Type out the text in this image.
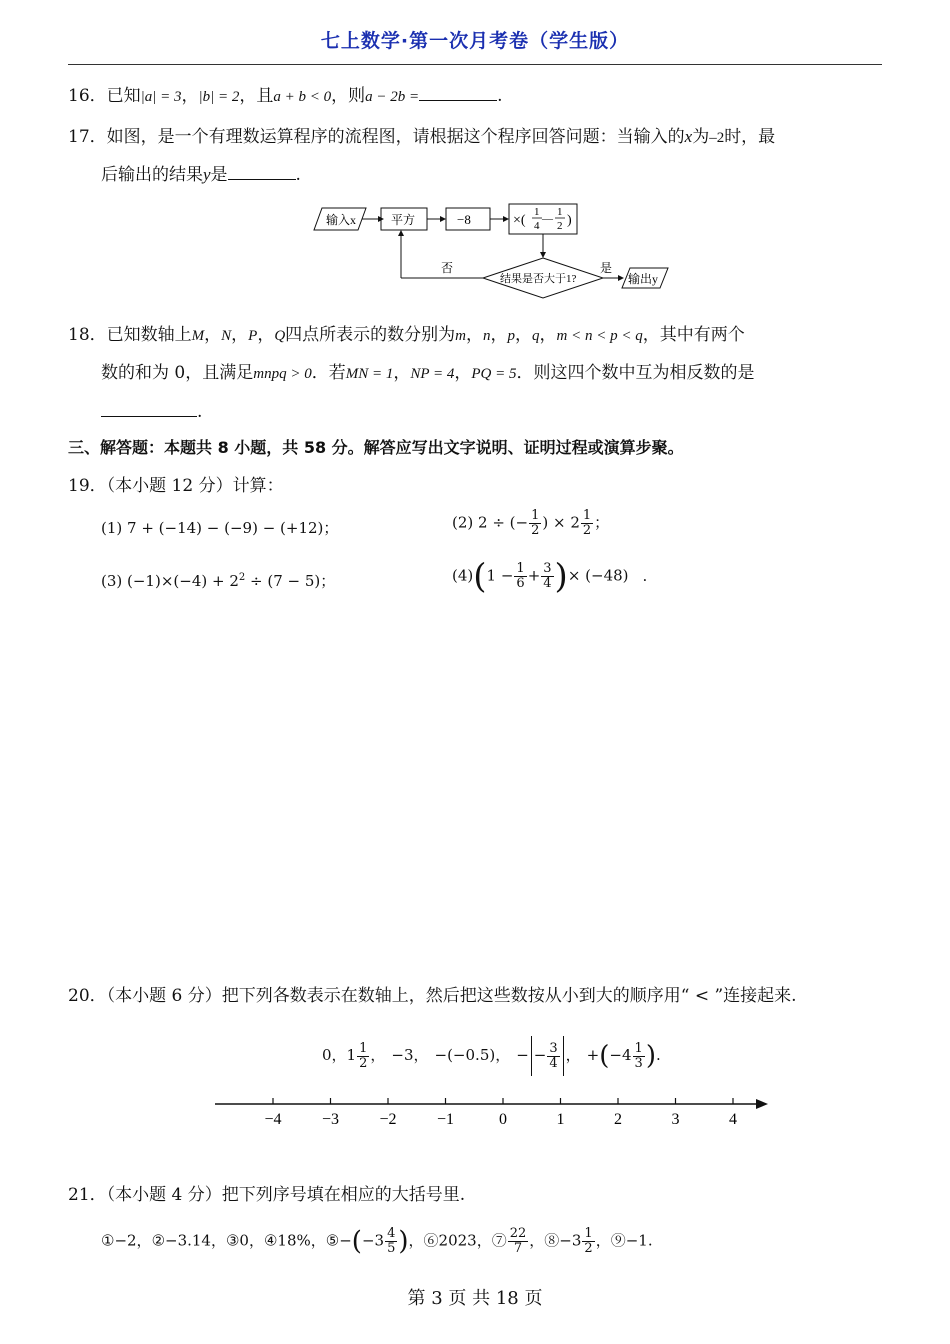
七上数学·第一次月考卷（学生版）
16．已知|a| = 3，|b| = 2，且a + b < 0，则a − 2b =	.
17．如图，是一个有理数运算程序的流程图，请根据这个程序回答问题：当输入的x为–2时，最
后输出的结果y是	.
输入x	平方	−8	×(
1
4
—
1
2 )
结果是否大于1?
否	是
输出y
18．已知数轴上M，N，P，Q四点所表示的数分别为m，n，p，q，m < n < p < q，其中有两个
数的和为 0，且满足mnpq > 0．若MN = 1，NP = 4，PQ = 5．则这四个数中互为相反数的是
.
三、解答题：本题共 8 小题，共 58 分。解答应写出文字说明、证明过程或演算步聚。
19．（本小题 12 分）计算：
(1) 7 + (−14) − (−9) − (+12)；	(2) 2 ÷ (− $\frac{1}{2}$ ) × $2 \frac{1}{2}$ ；
(3) $(-1)\times(-4) + 2^2 \div (7 - 5)$；	$(4)(1 - \frac{1}{6} + \frac{3}{4}$ )× (−48) .
20．（本小题 6 分）把下列各数表示在数轴上，然后把这些数按从小到大的顺序用“ < ”连接起来.
0，$1 \frac{1}{2}$ ， −3， −(−0.5)， − − $\frac{3}{4}$ ， $+(-4 \frac{1}{3}$ ).
−4	−3	−2	−1	0	1	2	3	4
21．（本小题 4 分）把下列序号填在相应的大括号里.
①−2，②−3.14，③0，④18%，⑤−(−3 $\frac{4}{5}$ )，⑥2023，⑦ $\frac{22}{7}$ ，⑧−3 $\frac{1}{2}$ ，⑨−1.
第 3 页 共 18 页
